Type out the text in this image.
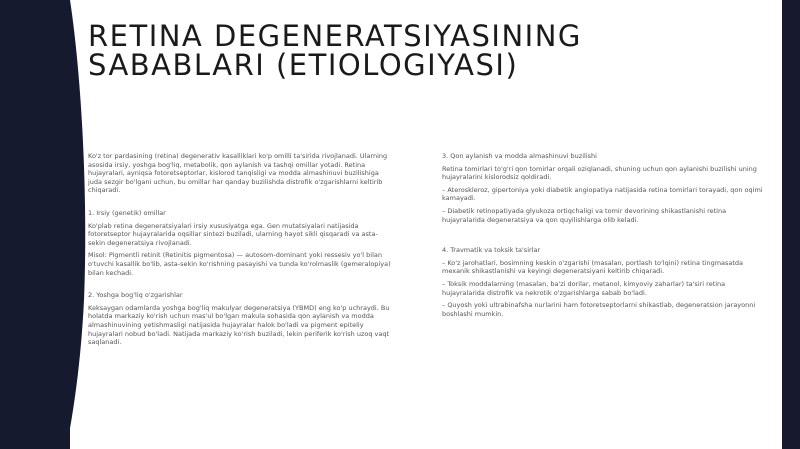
RETINA DEGENERATSIYASINING SABABLARI (ETIOLOGIYASI)

Ko'z tor pardasining (retina) degenerativ kasalliklari ko'p omilli ta'sirida rivojlanadi. Ularning asosida irsiy, yoshga bog'liq, metabolik, qon aylanish va tashqi omillar yotadi. Retina hujayralari, ayniqsa fotoretseptorlar, kislorod tanqisligi va modda almashinuvi buzilishiga juda sezgir bo'lgani uchun, bu omillar har qanday buzilishda distrofik o'zgarishlarni keltirib chiqaradi.

1. Irsiy (genetik) omillar

Ko'plab retina degeneratsiyalari irsiy xususiyatga ega. Gen mutatsiyalari natijasida fotoretseptor hujayralarida oqsillar sintezi buziladi, ularning hayot sikli qisqaradi va asta-sekin degeneratsiya rivojlanadi.

Misol: Pigmentli retinit (Retinitis pigmentosa) — autosom-dominant yoki ressesiv yo'l bilan o'tuvchi kasallik bo'lib, asta-sekin ko'rishning pasayishi va tunda ko'rolmaslik (gemeralopiya) bilan kechadi.

2. Yoshga bog'liq o'zgarishlar

Keksaygan odamlarda yoshga bog'liq makulyar degeneratsiya (YBMD) eng ko'p uchraydi. Bu holatda markaziy ko'rish uchun mas'ul bo'lgan makula sohasida qon aylanish va modda almashinuvining yetishmasligi natijasida hujayralar halok bo'ladi va pigment epiteliy hujayralari nobud bo'ladi. Natijada markaziy ko'rish buziladi, lekin periferik ko'rish uzoq vaqt saqlanadi.

3. Qon aylanish va modda almashinuvi buzilishi

Retina tomirlari to'g'ri qon tomirlar orqali oziqlanadi, shuning uchun qon aylanishi buzilishi uning hujayralarini kislorodsiz qoldiradi.

– Ateroskleroz, gipertoniya yoki diabetik angiopatiya natijasida retina tomirlari torayadi, qon oqimi kamayadi.

– Diabetik retinopatiyada glyukoza ortiqchaligi va tomir devorining shikastlanishi retina hujayralarida degeneratsiya va qon quyilishlarga olib keladi.

4. Travmatik va toksik ta'sirlar

– Ko'z jarohatlari, bosimning keskin o'zgarishi (masalan, portlash to'lqini) retina tingmasatda mexanik shikastlanishi va keyingi degeneratsiyani keltirib chiqaradi.

– Toksik moddalarning (masalan, ba'zi dorilar, metanol, kimyoviy zaharlar) ta'siri retina hujayralarida distrofik va nekrotik o'zgarishlarga sabab bo'ladi.

– Quyosh yoki ultrabinafsha nurlarini ham fotoretseptorlarni shikastlab, degeneratsion jarayonni boshlashi mumkin.
